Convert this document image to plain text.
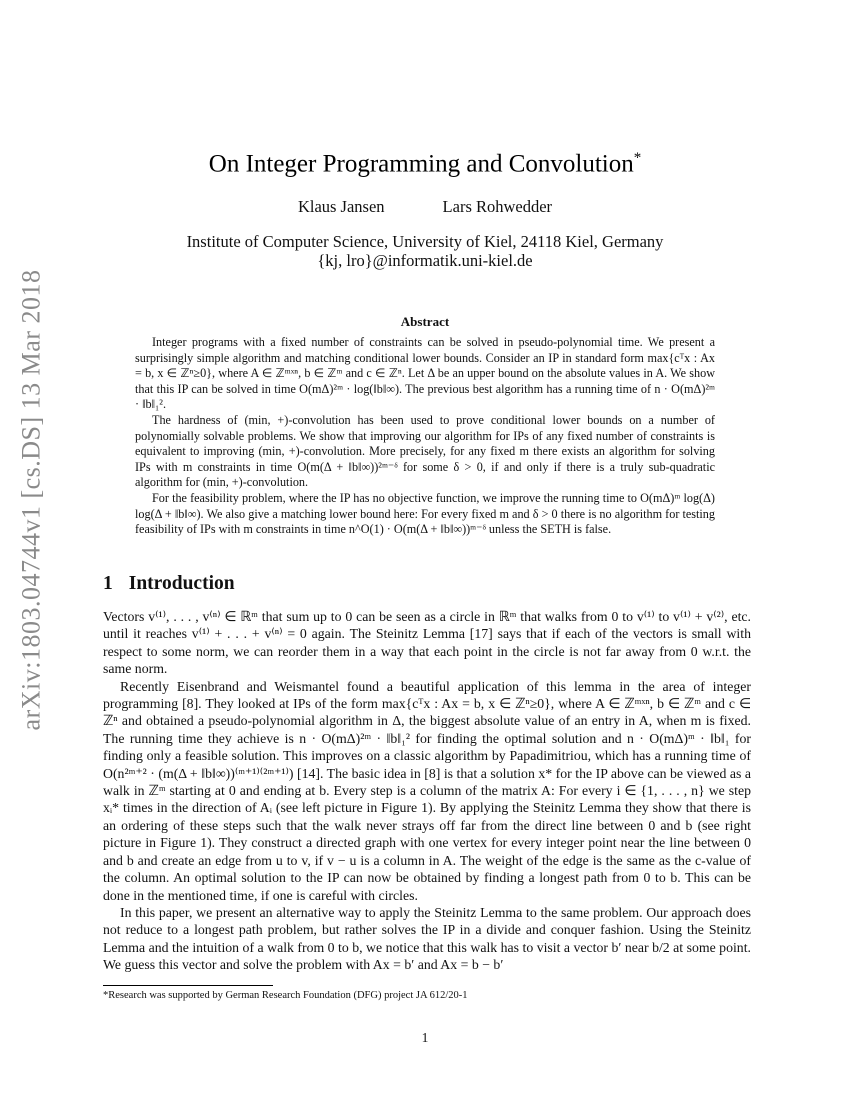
arXiv:1803.04744v1 [cs.DS] 13 Mar 2018
On Integer Programming and Convolution*
Klaus Jansen	Lars Rohwedder
Institute of Computer Science, University of Kiel, 24118 Kiel, Germany
{kj, lro}@informatik.uni-kiel.de
Abstract

Integer programs with a fixed number of constraints can be solved in pseudo-polynomial time. We present a surprisingly simple algorithm and matching conditional lower bounds. Consider an IP in standard form max{cᵀx : Ax = b, x ∈ ℤⁿ≥0}, where A ∈ ℤᵐˣⁿ, b ∈ ℤᵐ and c ∈ ℤⁿ. Let Δ be an upper bound on the absolute values in A. We show that this IP can be solved in time O(mΔ)²ᵐ · log(‖b‖∞). The previous best algorithm has a running time of n · O(mΔ)²ᵐ · ‖b‖₁².

The hardness of (min, +)-convolution has been used to prove conditional lower bounds on a number of polynomially solvable problems. We show that improving our algorithm for IPs of any fixed number of constraints is equivalent to improving (min, +)-convolution. More precisely, for any fixed m there exists an algorithm for solving IPs with m constraints in time O(m(Δ + ‖b‖∞))²ᵐ⁻ᵟ for some δ > 0, if and only if there is a truly sub-quadratic algorithm for (min, +)-convolution.

For the feasibility problem, where the IP has no objective function, we improve the running time to O(mΔ)ᵐ log(Δ) log(Δ + ‖b‖∞). We also give a matching lower bound here: For every fixed m and δ > 0 there is no algorithm for testing feasibility of IPs with m constraints in time n^O(1) · O(m(Δ + ‖b‖∞))ᵐ⁻ᵟ unless the SETH is false.

1 Introduction

Vectors v⁽¹⁾, . . . , v⁽ⁿ⁾ ∈ ℝᵐ that sum up to 0 can be seen as a circle in ℝᵐ that walks from 0 to v⁽¹⁾ to v⁽¹⁾ + v⁽²⁾, etc. until it reaches v⁽¹⁾ + . . . + v⁽ⁿ⁾ = 0 again. The Steinitz Lemma [17] says that if each of the vectors is small with respect to some norm, we can reorder them in a way that each point in the circle is not far away from 0 w.r.t. the same norm.

Recently Eisenbrand and Weismantel found a beautiful application of this lemma in the area of integer programming [8]. They looked at IPs of the form max{cᵀx : Ax = b, x ∈ ℤⁿ≥0}, where A ∈ ℤᵐˣⁿ, b ∈ ℤᵐ and c ∈ ℤⁿ and obtained a pseudo-polynomial algorithm in Δ, the biggest absolute value of an entry in A, when m is fixed. The running time they achieve is n · O(mΔ)²ᵐ · ‖b‖₁² for finding the optimal solution and n · O(mΔ)ᵐ · ‖b‖₁ for finding only a feasible solution. This improves on a classic algorithm by Papadimitriou, which has a running time of O(n²ᵐ⁺² · (m(Δ + ‖b‖∞))⁽ᵐ⁺¹⁾⁽²ᵐ⁺¹⁾) [14]. The basic idea in [8] is that a solution x* for the IP above can be viewed as a walk in ℤᵐ starting at 0 and ending at b. Every step is a column of the matrix A: For every i ∈ {1, . . . , n} we step xᵢ* times in the direction of Aᵢ (see left picture in Figure 1). By applying the Steinitz Lemma they show that there is an ordering of these steps such that the walk never strays off far from the direct line between 0 and b (see right picture in Figure 1). They construct a directed graph with one vertex for every integer point near the line between 0 and b and create an edge from u to v, if v − u is a column in A. The weight of the edge is the same as the c-value of the column. An optimal solution to the IP can now be obtained by finding a longest path from 0 to b. This can be done in the mentioned time, if one is careful with circles.

In this paper, we present an alternative way to apply the Steinitz Lemma to the same problem. Our approach does not reduce to a longest path problem, but rather solves the IP in a divide and conquer fashion. Using the Steinitz Lemma and the intuition of a walk from 0 to b, we notice that this walk has to visit a vector b′ near b/2 at some point. We guess this vector and solve the problem with Ax = b′ and Ax = b − b′

*Research was supported by German Research Foundation (DFG) project JA 612/20-1
1
